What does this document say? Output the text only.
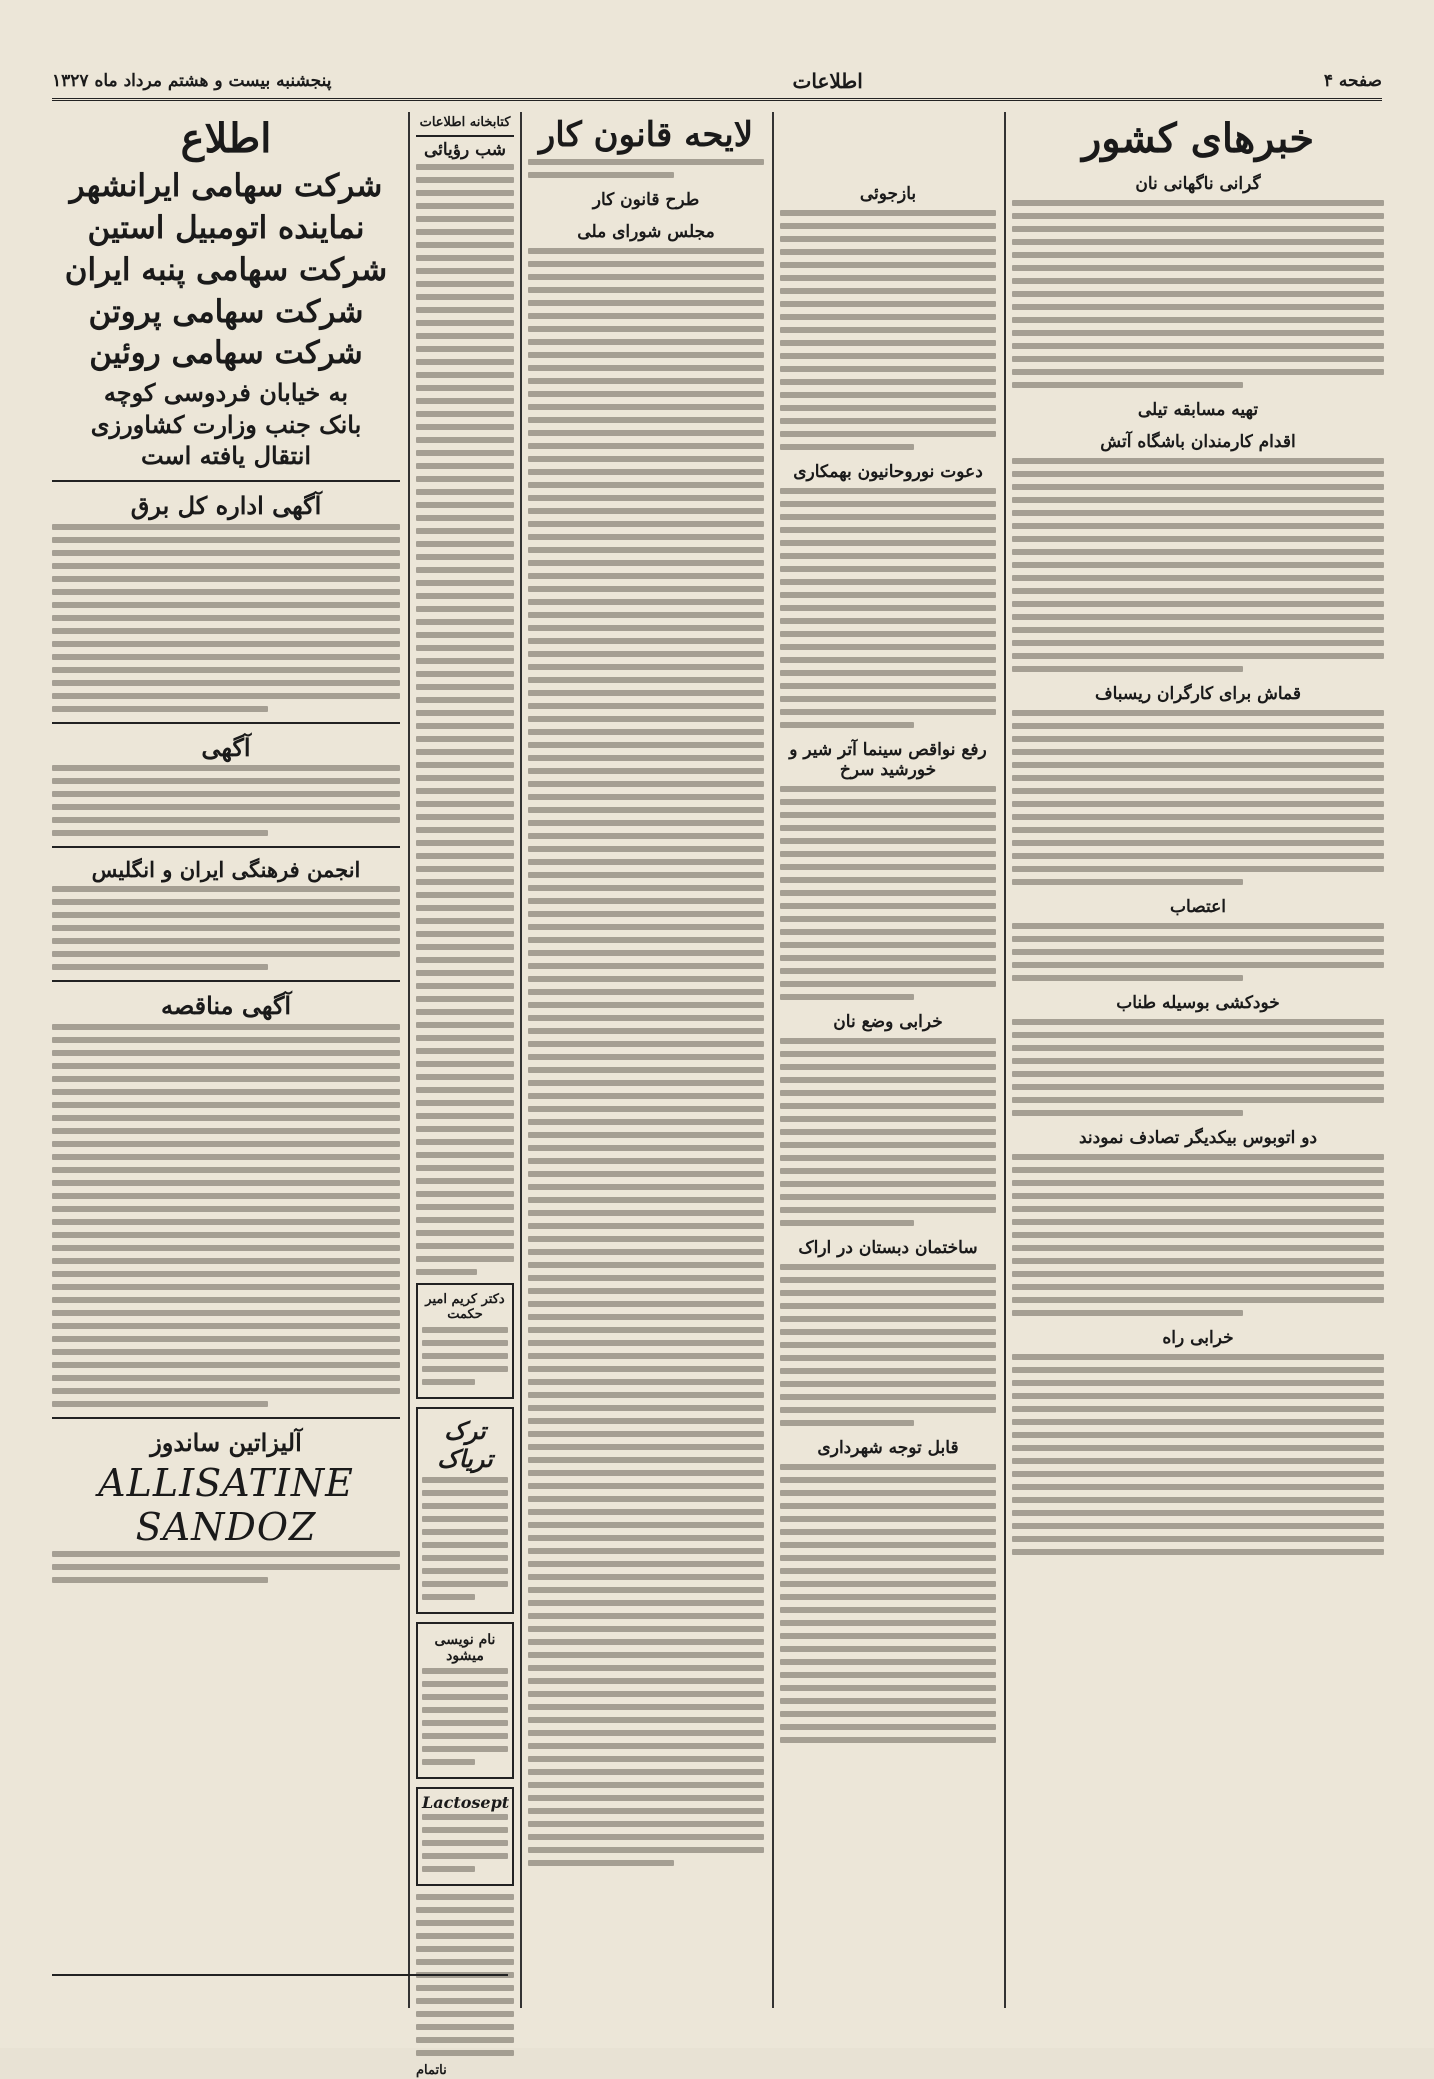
صفحه ۴
اطلاعات
پنجشنبه بیست و هشتم مرداد ماه ۱۳۲۷
خبرهای کشور
گرانی ناگهانی نان
تهیه مسابقه تیلی
اقدام کارمندان باشگاه آتش
قماش برای کارگران ریسباف
اعتصاب
خودکشی بوسیله طناب
دو اتوبوس بیکدیگر تصادف نمودند
خرابی راه
بازجوئی
دعوت نوروحانیون بهمکاری
رفع نواقص سینما آتر شیر و خورشید سرخ
خرابی وضع نان
ساختمان دبستان در اراک
قابل توجه شهرداری
لایحه قانون کار
طرح قانون کار
مجلس شورای ملی
کتابخانه اطلاعات
شب رؤیائی
دکتر کریم امیر حکمت
ترک تریاک
نام نویسی میشود
Lactosept
ناتمام
اطلاع
شرکت سهامی ایرانشهر
نماینده اتومبیل استین
شرکت سهامی پنبه ایران
شرکت سهامی پروتن
شرکت سهامی روئین
به خیابان فردوسی کوچه
بانک جنب وزارت کشاورزی
انتقال یافته است
آگهی اداره کل برق
آگهی
انجمن فرهنگی ایران و انگلیس
آگهی مناقصه
آلیزاتین ساندوز
ALLISATINE SANDOZ
